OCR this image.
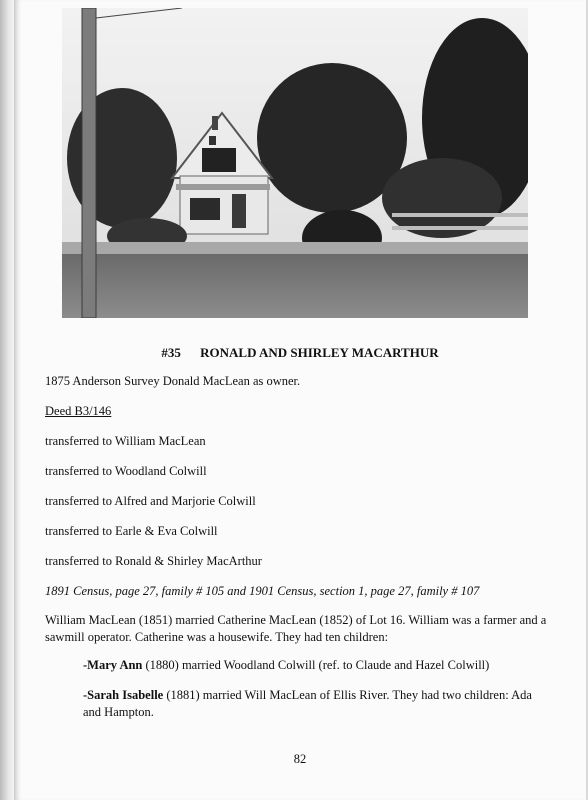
#35 RONALD AND SHIRLEY MACARTHUR
1875 Anderson Survey Donald MacLean as owner.
Deed B3/146
transferred to William MacLean
transferred to Woodland Colwill
transferred to Alfred and Marjorie Colwill
transferred to Earle & Eva Colwill
transferred to Ronald & Shirley MacArthur
1891 Census, page 27, family # 105 and 1901 Census, section 1, page 27, family # 107
William MacLean (1851) married Catherine MacLean (1852) of Lot 16. William was a farmer and a sawmill operator. Catherine was a housewife. They had ten children:
-Mary Ann (1880) married Woodland Colwill (ref. to Claude and Hazel Colwill)
-Sarah Isabelle (1881) married Will MacLean of Ellis River. They had two children: Ada and Hampton.
82
